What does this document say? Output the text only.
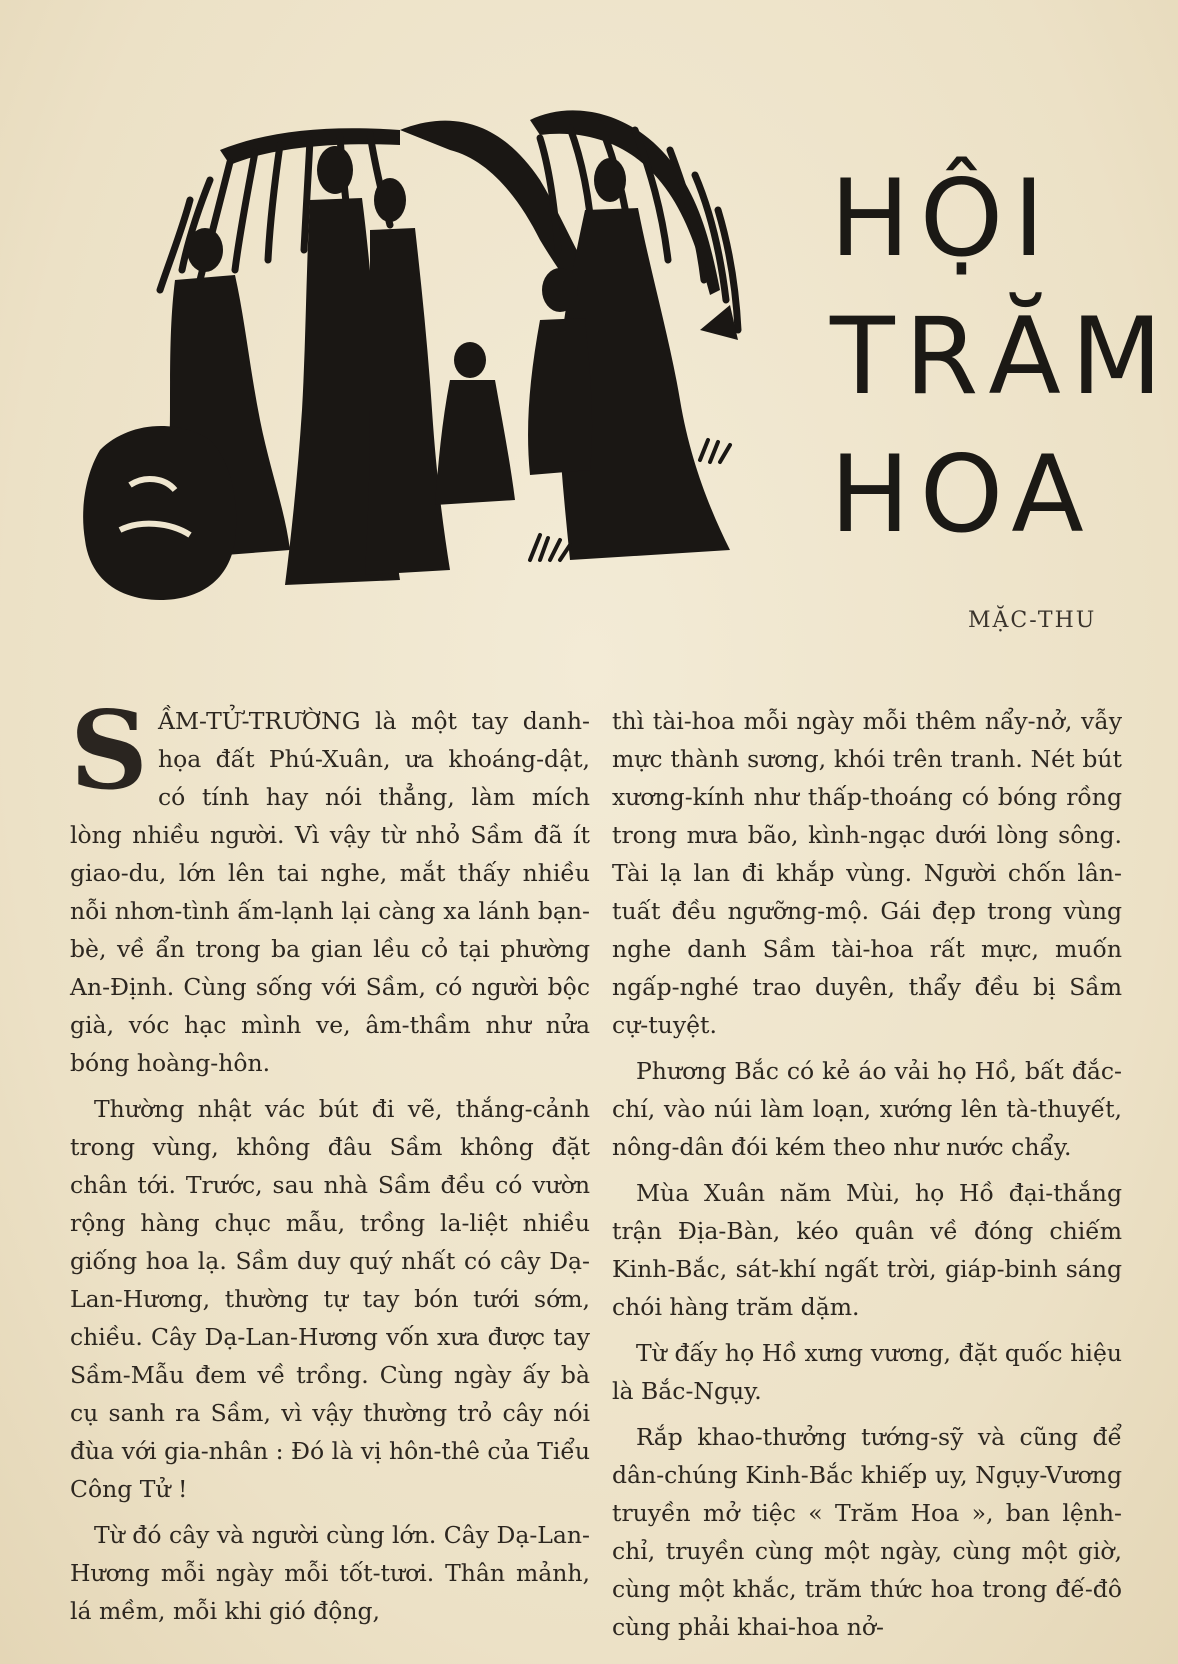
HỘI
TRĂM
HOA
MẶC-THU

SẦM-TỬ-TRƯỜNG là một tay danh-họa đất Phú-Xuân, ưa khoáng-dật, có tính hay nói thẳng, làm mích lòng nhiều người. Vì vậy từ nhỏ Sầm đã ít giao-du, lớn lên tai nghe, mắt thấy nhiều nỗi nhơn-tình ấm-lạnh lại càng xa lánh bạn-bè, về ẩn trong ba gian lều cỏ tại phường An-Định. Cùng sống với Sầm, có người bộc già, vóc hạc mình ve, âm-thầm như nửa bóng hoàng-hôn.

Thường nhật vác bút đi vẽ, thắng-cảnh trong vùng, không đâu Sầm không đặt chân tới. Trước, sau nhà Sầm đều có vườn rộng hàng chục mẫu, trồng la-liệt nhiều giống hoa lạ. Sầm duy quý nhất có cây Dạ-Lan-Hương, thường tự tay bón tưới sớm, chiều. Cây Dạ-Lan-Hương vốn xưa được tay Sầm-Mẫu đem về trồng. Cùng ngày ấy bà cụ sanh ra Sầm, vì vậy thường trỏ cây nói đùa với gia-nhân : Đó là vị hôn-thê của Tiểu Công Tử !

Từ đó cây và người cùng lớn. Cây Dạ-Lan-Hương mỗi ngày mỗi tốt-tươi. Thân mảnh, lá mềm, mỗi khi gió động,

thì tài-hoa mỗi ngày mỗi thêm nẩy-nở, vẫy mực thành sương, khói trên tranh. Nét bút xương-kính như thấp-thoáng có bóng rồng trong mưa bão, kình-ngạc dưới lòng sông. Tài lạ lan đi khắp vùng. Người chốn lân-tuất đều ngưỡng-mộ. Gái đẹp trong vùng nghe danh Sầm tài-hoa rất mực, muốn ngấp-nghé trao duyên, thẩy đều bị Sầm cự-tuyệt.

Phương Bắc có kẻ áo vải họ Hồ, bất đắc-chí, vào núi làm loạn, xướng lên tà-thuyết, nông-dân đói kém theo như nước chẩy.

Mùa Xuân năm Mùi, họ Hồ đại-thắng trận Địa-Bàn, kéo quân về đóng chiếm Kinh-Bắc, sát-khí ngất trời, giáp-binh sáng chói hàng trăm dặm.

Từ đấy họ Hồ xưng vương, đặt quốc hiệu là Bắc-Ngụy.

Rắp khao-thưởng tướng-sỹ và cũng để dân-chúng Kinh-Bắc khiếp uy, Ngụy-Vương truyền mở tiệc « Trăm Hoa », ban lệnh-chỉ, truyền cùng một ngày, cùng một giờ, cùng một khắc, trăm thức hoa trong đế-đô cùng phải khai-hoa nở-
